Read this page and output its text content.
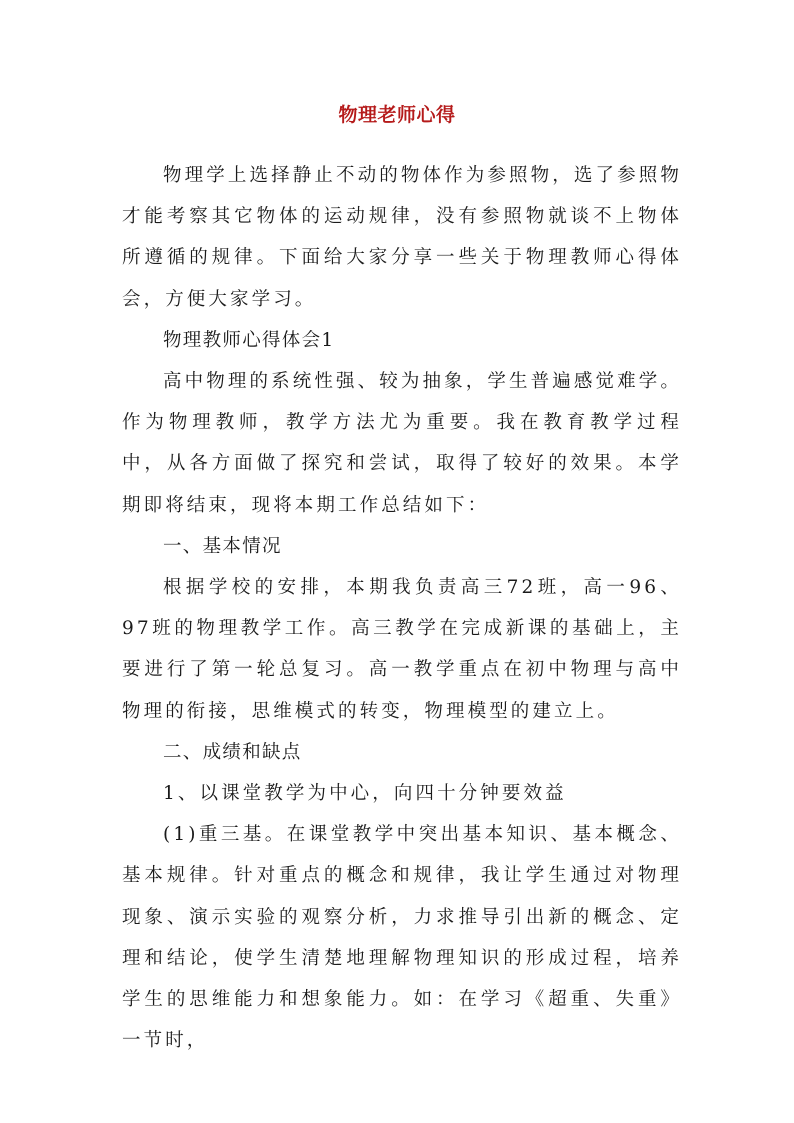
物理老师心得

物理学上选择静止不动的物体作为参照物，选了参照物才能考察其它物体的运动规律，没有参照物就谈不上物体所遵循的规律。下面给大家分享一些关于物理教师心得体会，方便大家学习。

物理教师心得体会1

高中物理的系统性强、较为抽象，学生普遍感觉难学。作为物理教师，教学方法尤为重要。我在教育教学过程中，从各方面做了探究和尝试，取得了较好的效果。本学期即将结束，现将本期工作总结如下：

一、基本情况

根据学校的安排，本期我负责高三72班，高一96、97班的物理教学工作。高三教学在完成新课的基础上，主要进行了第一轮总复习。高一教学重点在初中物理与高中物理的衔接，思维模式的转变，物理模型的建立上。

二、成绩和缺点

1、以课堂教学为中心，向四十分钟要效益

(1)重三基。在课堂教学中突出基本知识、基本概念、基本规律。针对重点的概念和规律，我让学生通过对物理现象、演示实验的观察分析，力求推导引出新的概念、定理和结论，使学生清楚地理解物理知识的形成过程，培养学生的思维能力和想象能力。如：在学习《超重、失重》一节时，
